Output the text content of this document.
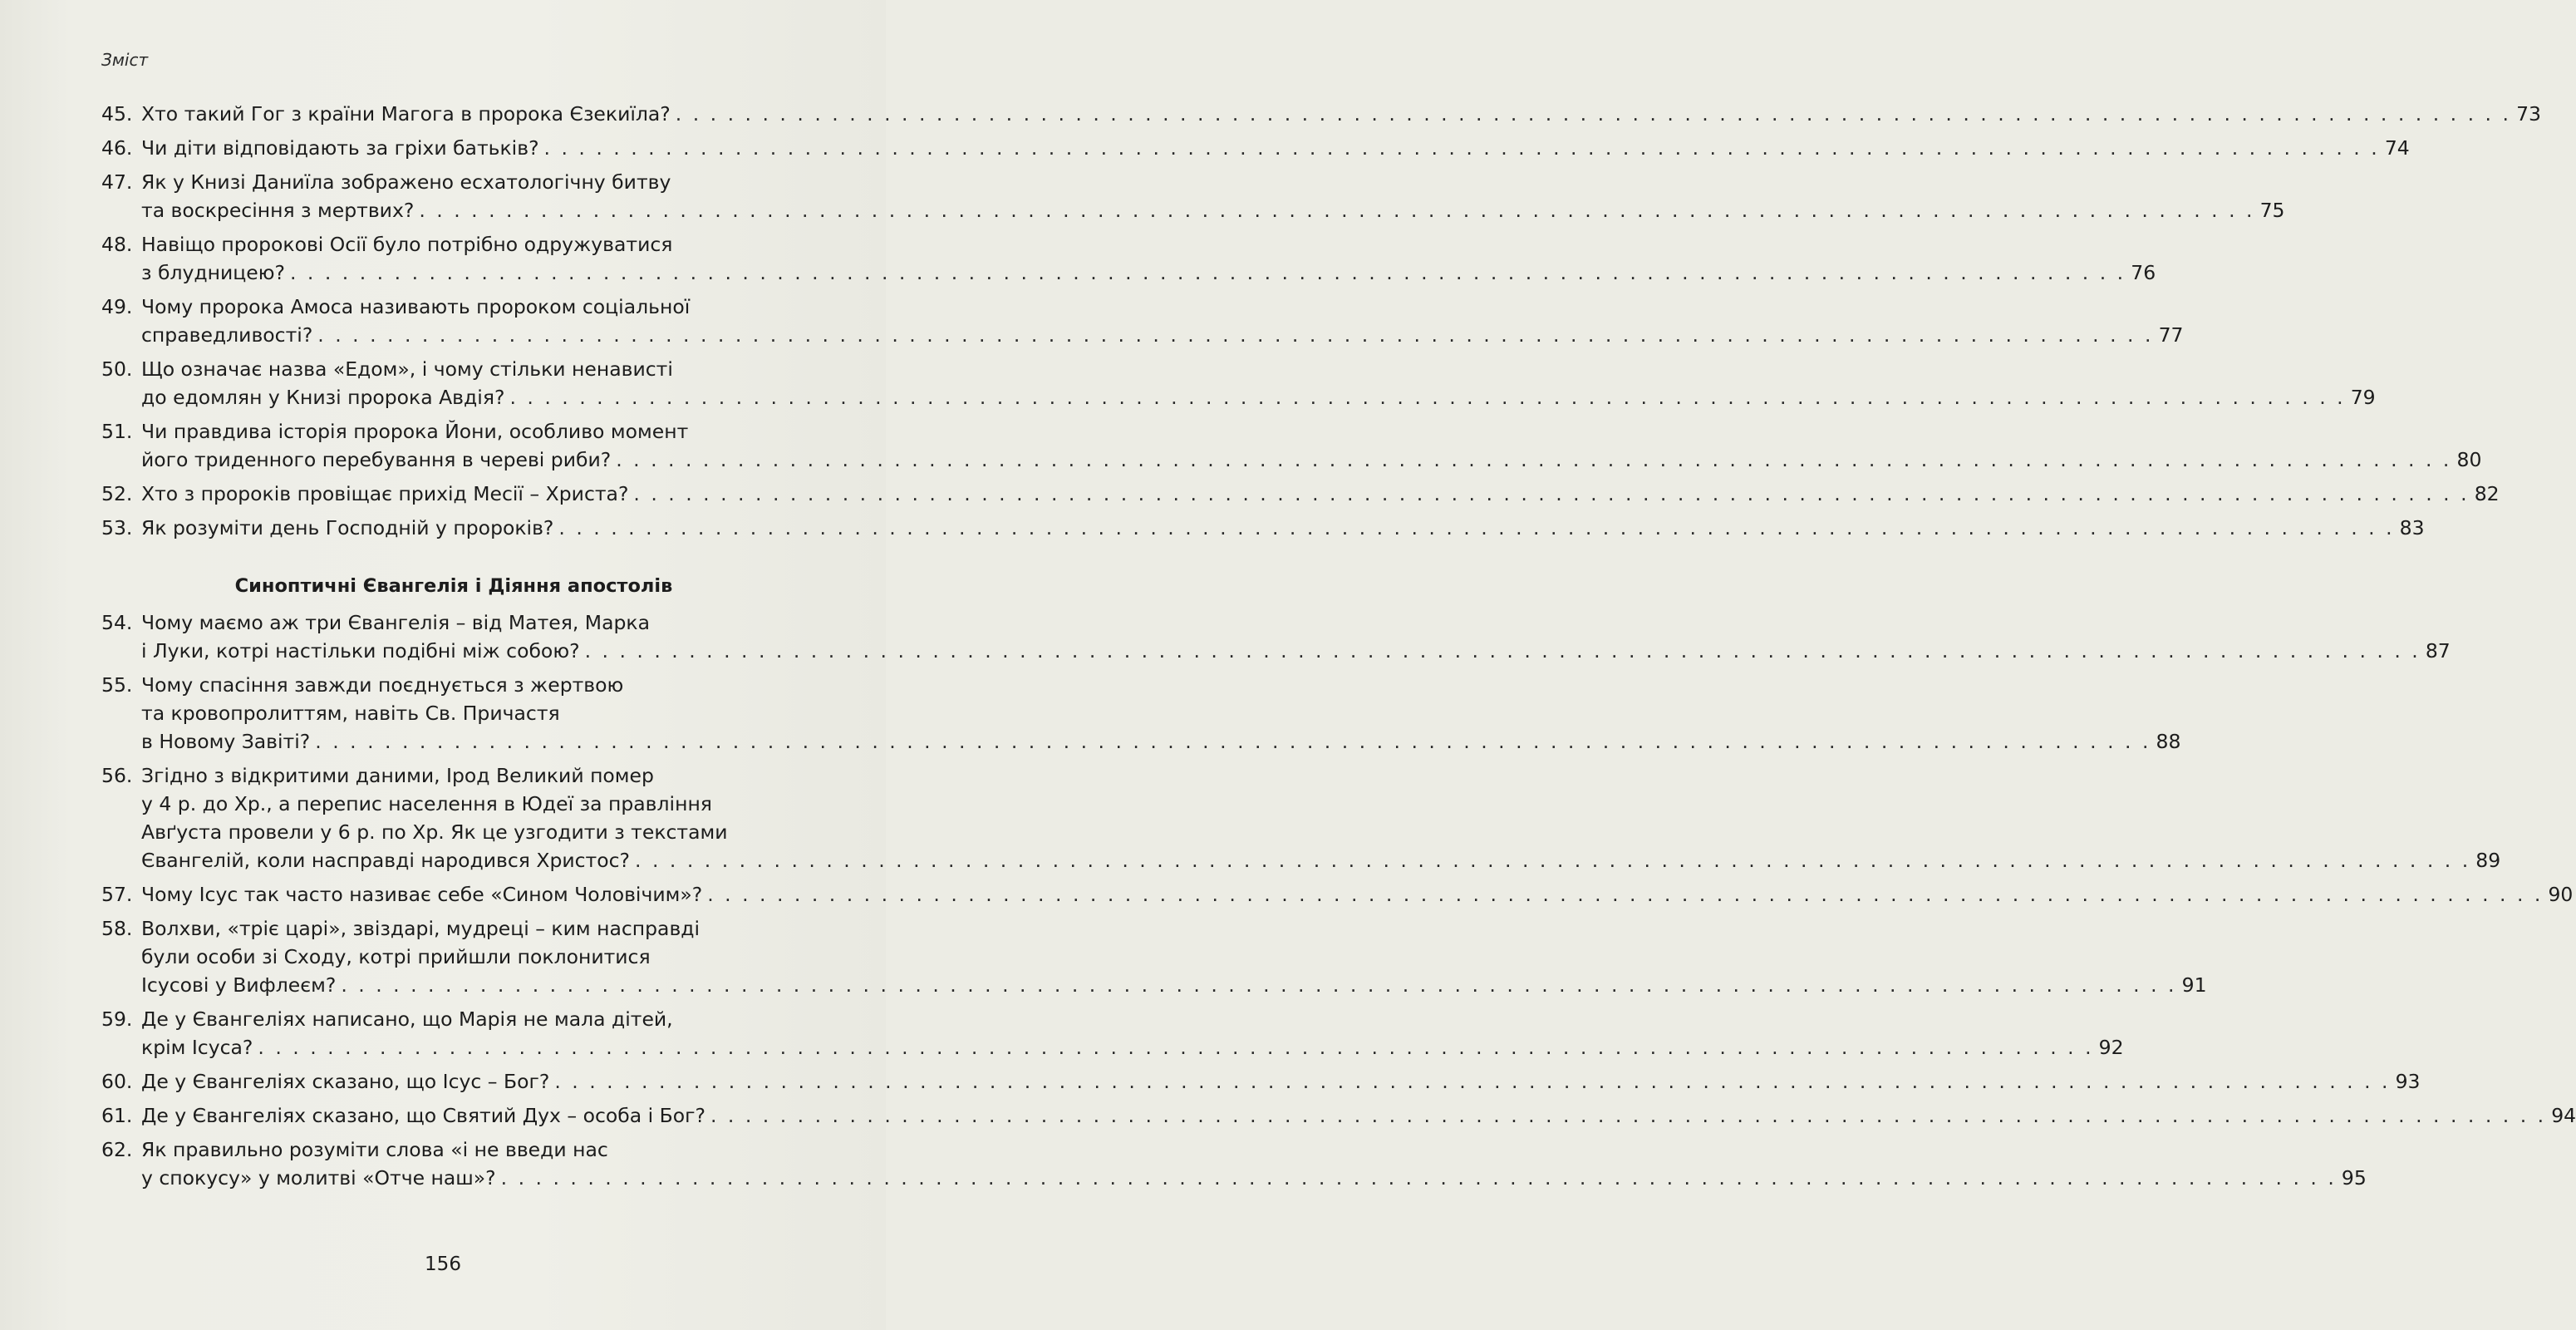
Зміст
45. Хто такий Гог з країни Магога в пророка Єзекиїла? . . .	73
46. Чи діти відповідають за гріхи батьків? . . .	74
47. Як у Книзі Даниїла зображено есхатологічну битву
та воскресіння з мертвих? . . .	75
48. Навіщо пророкові Осії було потрібно одружуватися
з блудницею? . . .	76
49. Чому пророка Амоса називають пророком соціальної
справедливості? . . .	77
50. Що означає назва «Едом», і чому стільки ненависті
до едомлян у Книзі пророка Авдія? . . .	79
51. Чи правдива історія пророка Йони, особливо момент
його триденного перебування в череві риби? . . .	80
52. Хто з пророків провіщає прихід Месії – Христа? . . .	82
53. Як розуміти день Господній у пророків? . . .	83
Синоптичні Євангелія і Діяння апостолів
54. Чому маємо аж три Євангелія – від Матея, Марка
і Луки, котрі настільки подібні між собою? . . .	87
55. Чому спасіння завжди поєднується з жертвою
та кровопролиттям, навіть Св. Причастя
в Новому Завіті? . . .	88
56. Згідно з відкритими даними, Ірод Великий помер
у 4 р. до Хр., а перепис населення в Юдеї за правління
Авґуста провели у 6 р. по Хр. Як це узгодити з текстами
Євангелій, коли насправді народився Христос? . . .	89
57. Чому Ісус так часто називає себе «Сином Чоловічим»? . . .	90
58. Волхви, «тріє царі», звіздарі, мудреці – ким насправді
були особи зі Сходу, котрі прийшли поклонитися
Ісусові у Вифлеєм? . . .	91
59. Де у Євангеліях написано, що Марія не мала дітей,
крім Ісуса? . . .	92
60. Де у Євангеліях сказано, що Ісус – Бог? . . .	93
61. Де у Євангеліях сказано, що Святий Дух – особа і Бог? . . .	94
62. Як правильно розуміти слова «і не введи нас
у спокусу» у молитві «Отче наш»? . . .	95
156
